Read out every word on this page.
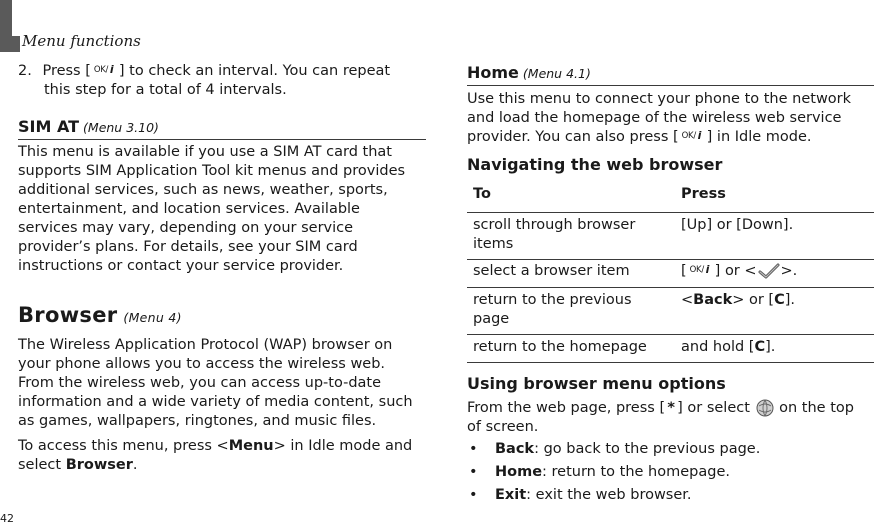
Menu functions
42
2. Press [ OK/ i ] to check an interval. You can repeat
this step for a total of 4 intervals.
SIM AT (Menu 3.10)
This menu is available if you use a SIM AT card that
supports SIM Application Tool kit menus and provides
additional services, such as news, weather, sports,
entertainment, and location services. Available
services may vary, depending on your service
provider’s plans. For details, see your SIM card
instructions or contact your service provider.
Browser (Menu 4)
The Wireless Application Protocol (WAP) browser on
your phone allows you to access the wireless web.
From the wireless web, you can access up-to-date
information and a wide variety of media content, such
as games, wallpapers, ringtones, and music files.
To access this menu, press <Menu> in Idle mode and
select Browser.
Home (Menu 4.1)
Use this menu to connect your phone to the network
and load the homepage of the wireless web service
provider. You can also press [ OK/ i ] in Idle mode.
Navigating the web browser
To	Press

scroll through browser
items	[Up] or [Down].
select a browser item	[ OK/ i ] or < >.

return to the previous
page	<Back> or [C].
return to the homepage	and hold [C].
Using browser menu options
From the web page, press [ * ] or select on the top
of screen.
• Back: go back to the previous page.
• Home: return to the homepage.
• Exit: exit the web browser.
